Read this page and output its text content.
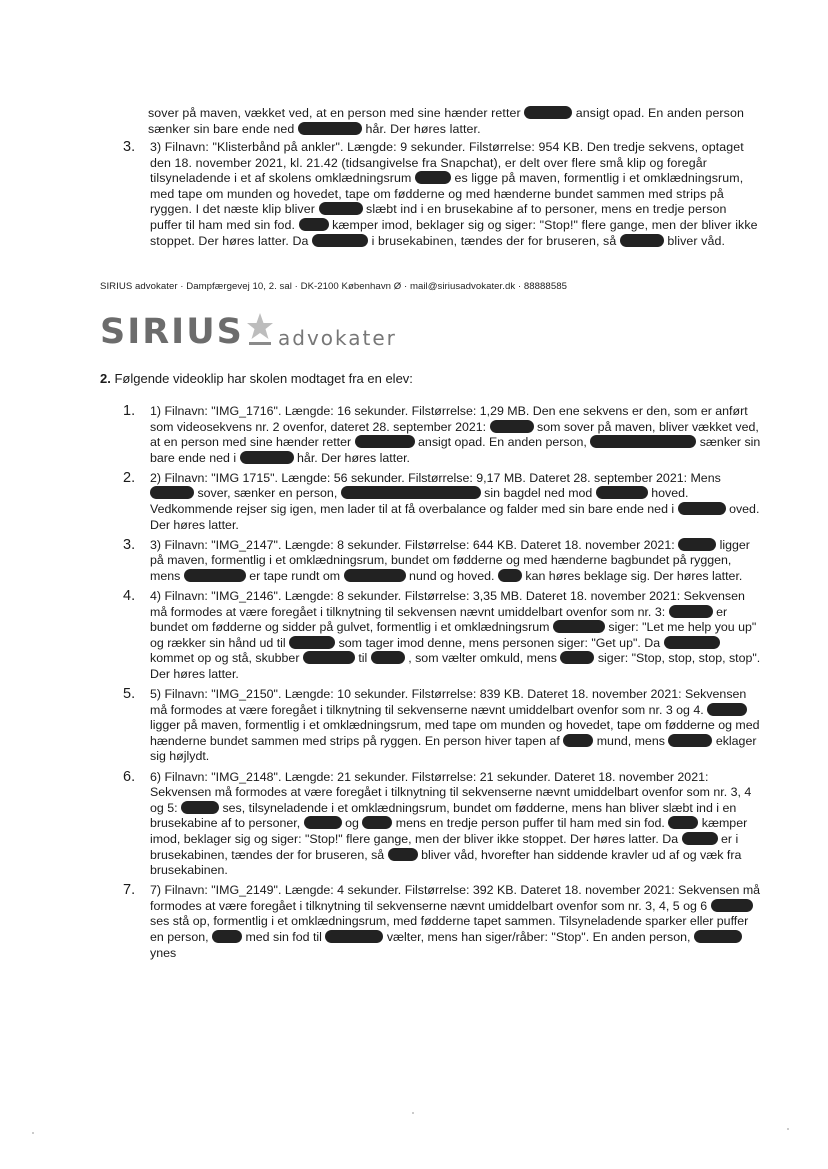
sover på maven, vækket ved, at en person med sine hænder retter	ansigt opad. En anden person sænker sin bare ende ned	hår. Der høres latter.
3. 3) Filnavn: "Klisterbånd på ankler". Længde: 9 sekunder. Filstørrelse: 954 KB. Den tredje sekvens, optaget den 18. november 2021, kl. 21.42 (tidsangivelse fra Snapchat), er delt over flere små klip og foregår tilsyneladende i et af skolens omklædningsrum	es ligge på maven, formentlig i et omklædningsrum, med tape om munden og hovedet, tape om fødderne og med hænderne bundet sammen med strips på ryggen. I det næste klip bliver	slæbt ind i en brusekabine af to personer, mens en tredje person puffer til ham med sin fod.	kæmper imod, beklager sig og siger: "Stop!" flere gange, men der bliver ikke stoppet. Der høres latter. Da	i brusekabinen, tændes der for bruseren, så	bliver våd.
SIRIUS advokater · Dampfærgevej 10, 2. sal · DK-2100 København Ø · mail@siriusadvokater.dk · 88888585
SIRIUS advokater
2. Følgende videoklip har skolen modtaget fra en elev:
1. 1) Filnavn: "IMG_1716". Længde: 16 sekunder. Filstørrelse: 1,29 MB. Den ene sekvens er den, som er anført som videosekvens nr. 2 ovenfor, dateret 28. september 2021:	som sover på maven, bliver vækket ved, at en person med sine hænder retter	ansigt opad. En anden person,	sænker sin bare ende ned i	hår. Der høres latter.
2. 2) Filnavn: "IMG 1715". Længde: 56 sekunder. Filstørrelse: 9,17 MB. Dateret 28. september 2021: Mens  sover, sænker en person,	sin bagdel ned mod	hoved. Vedkommende rejser sig igen, men lader til at få overbalance og falder med sin bare ende ned i	oved. Der høres latter.
3. 3) Filnavn: "IMG_2147". Længde: 8 sekunder. Filstørrelse: 644 KB. Dateret 18. november 2021:	ligger på maven, formentlig i et omklædningsrum, bundet om fødderne og med hænderne bagbundet på ryggen, mens	er tape rundt om	nund og hoved. kan høres beklage sig. Der høres latter.
4. 4) Filnavn: "IMG_2146". Længde: 8 sekunder. Filstørrelse: 3,35 MB. Dateret 18. november 2021: Sekvensen må formodes at være foregået i tilknytning til sekvensen nævnt umiddelbart ovenfor som nr. 3:	er bundet om fødderne og sidder på gulvet, formentlig i et omklædningsrum	siger: "Let me help you up" og rækker sin hånd ud til	som tager imod denne, mens personen siger: "Get up". Da  kommet op og stå, skubber	til	, som vælter omkuld, mens	siger: "Stop, stop, stop, stop". Der høres latter.
5. 5) Filnavn: "IMG_2150". Længde: 10 sekunder. Filstørrelse: 839 KB. Dateret 18. november 2021: Sekvensen må formodes at være foregået i tilknytning til sekvenserne nævnt umiddelbart ovenfor som nr. 3 og 4.  ligger på maven, formentlig i et omklædningsrum, med tape om munden og hovedet, tape om fødderne og med hænderne bundet sammen med strips på ryggen. En person hiver tapen af	mund, mens	eklager sig højlydt.
6. 6) Filnavn: "IMG_2148". Længde: 21 sekunder. Filstørrelse: 21 sekunder. Dateret 18. november 2021: Sekvensen må formodes at være foregået i tilknytning til sekvenserne nævnt umiddelbart ovenfor som nr. 3, 4 og 5:	ses, tilsyneladende i et omklædningsrum, bundet om fødderne, mens han bliver slæbt ind i en brusekabine af to personer,	og	mens en tredje person puffer til ham med sin fod.	kæmper imod, beklager sig og siger: "Stop!" flere gange, men der bliver ikke stoppet. Der høres latter. Da	er i brusekabinen, tændes der for bruseren, så	bliver våd, hvorefter han siddende kravler ud af og væk fra brusekabinen.
7. 7) Filnavn: "IMG_2149". Længde: 4 sekunder. Filstørrelse: 392 KB. Dateret 18. november 2021: Sekvensen må formodes at være foregået i tilknytning til sekvenserne nævnt umiddelbart ovenfor som nr. 3, 4, 5 og 6  ses stå op, formentlig i et omklædningsrum, med fødderne tapet sammen. Tilsyneladende sparker eller puffer en person,	med sin fod til	vælter, mens han siger/råber: "Stop". En anden person,  ynes
